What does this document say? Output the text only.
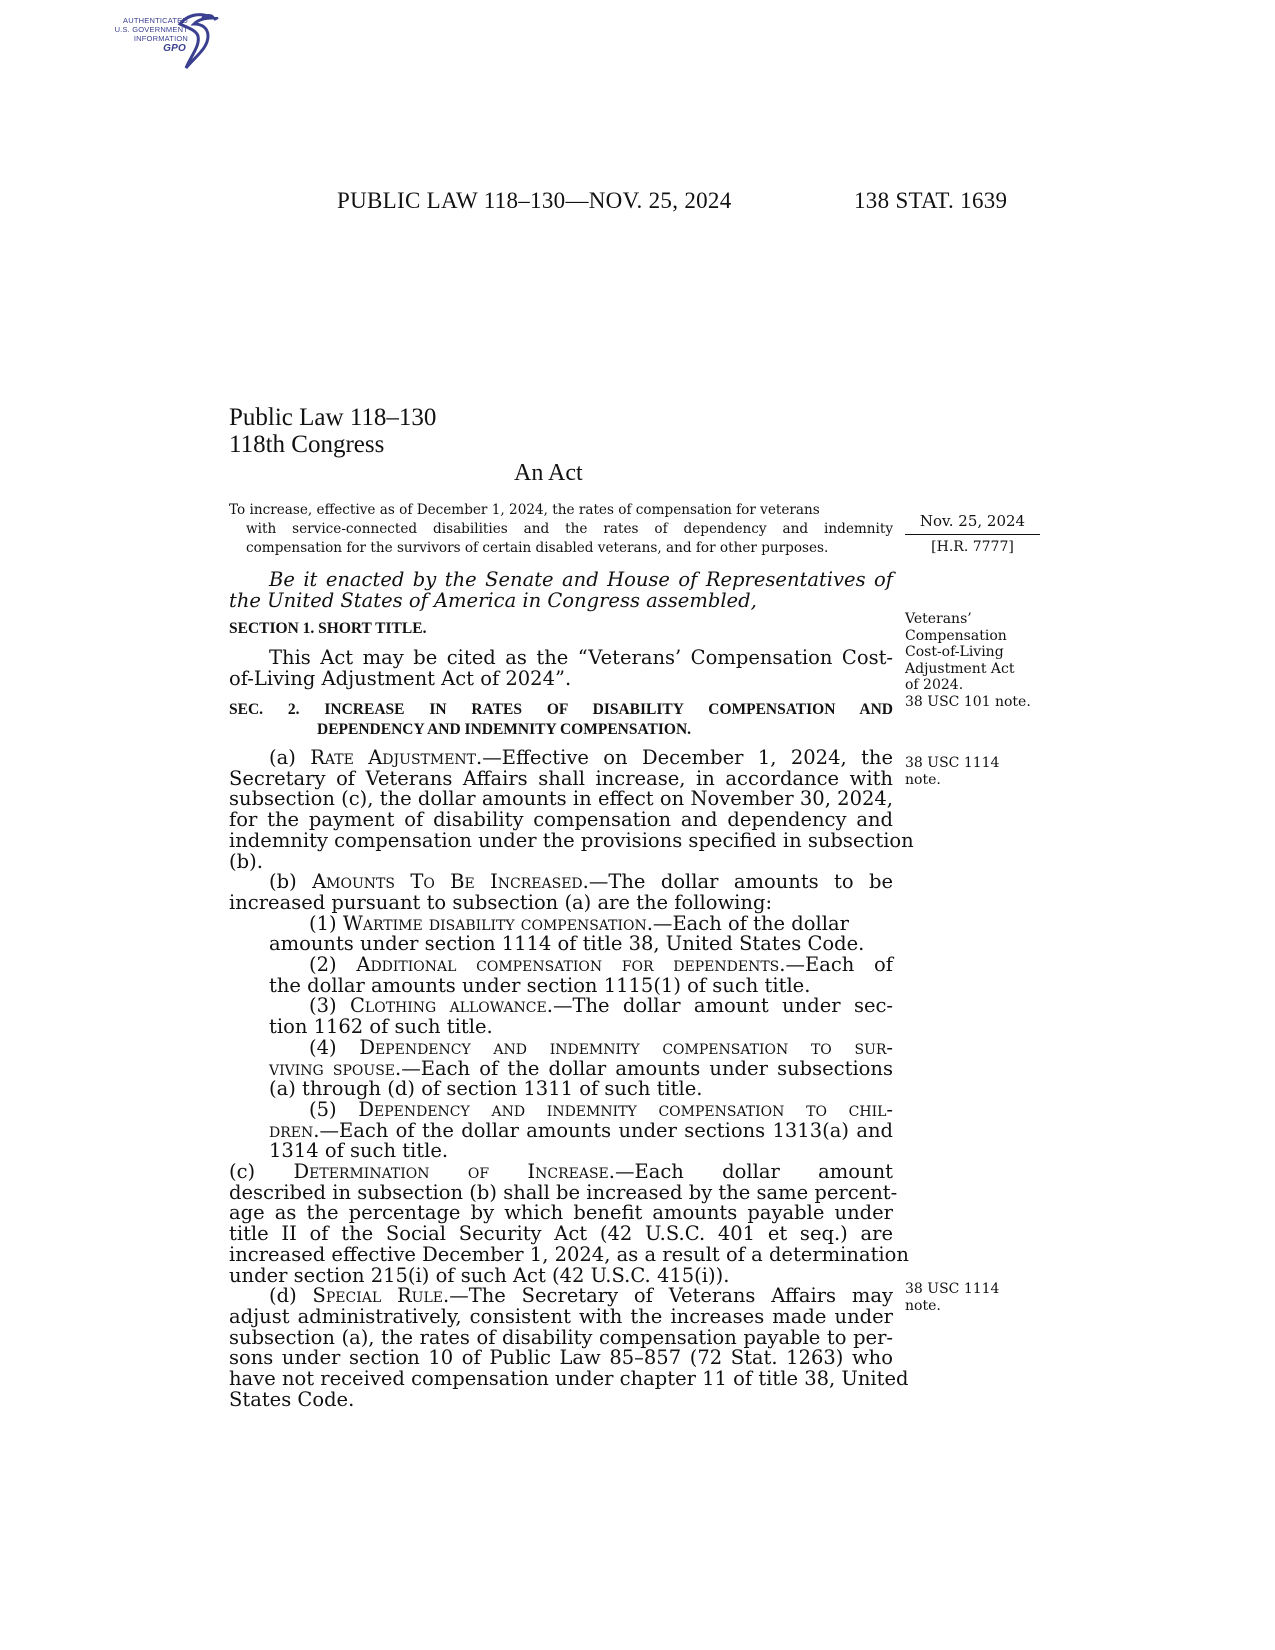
AUTHENTICATED
U.S. GOVERNMENT
INFORMATION
GPO
PUBLIC LAW 118–130—NOV. 25, 2024	138 STAT. 1639
Public Law 118–130
118th Congress
An Act
To increase, effective as of December 1, 2024, the rates of compensation for veterans
with service-connected disabilities and the rates of dependency and indemnity
compensation for the survivors of certain disabled veterans, and for other purposes.
Nov. 25, 2024
[H.R. 7777]
Veterans’
Compensation
Cost-of-Living
Adjustment Act
of 2024.
38 USC 101 note.
38 USC 1114
note.
38 USC 1114
note.
Be it enacted by the Senate and House of Representatives of
the United States of America in Congress assembled,
SECTION 1. SHORT TITLE.
This Act may be cited as the “Veterans’ Compensation Cost-
of-Living Adjustment Act of 2024”.
SEC. 2. INCREASE IN RATES OF DISABILITY COMPENSATION AND
DEPENDENCY AND INDEMNITY COMPENSATION.
(a) Rate Adjustment.—Effective on December 1, 2024, the
Secretary of Veterans Affairs shall increase, in accordance with
subsection (c), the dollar amounts in effect on November 30, 2024,
for the payment of disability compensation and dependency and
indemnity compensation under the provisions specified in subsection
(b).
(b) Amounts To Be Increased.—The dollar amounts to be
increased pursuant to subsection (a) are the following:
(1) Wartime disability compensation.—Each of the dollar
amounts under section 1114 of title 38, United States Code.
(2) Additional compensation for dependents.—Each of
the dollar amounts under section 1115(1) of such title.
(3) Clothing allowance.—The dollar amount under sec-
tion 1162 of such title.
(4) Dependency and indemnity compensation to sur-
viving spouse.—Each of the dollar amounts under subsections
(a) through (d) of section 1311 of such title.
(5) Dependency and indemnity compensation to chil-
dren.—Each of the dollar amounts under sections 1313(a) and
1314 of such title.
(c) Determination of Increase.—Each dollar amount
described in subsection (b) shall be increased by the same percent-
age as the percentage by which benefit amounts payable under
title II of the Social Security Act (42 U.S.C. 401 et seq.) are
increased effective December 1, 2024, as a result of a determination
under section 215(i) of such Act (42 U.S.C. 415(i)).
(d) Special Rule.—The Secretary of Veterans Affairs may
adjust administratively, consistent with the increases made under
subsection (a), the rates of disability compensation payable to per-
sons under section 10 of Public Law 85–857 (72 Stat. 1263) who
have not received compensation under chapter 11 of title 38, United
States Code.
